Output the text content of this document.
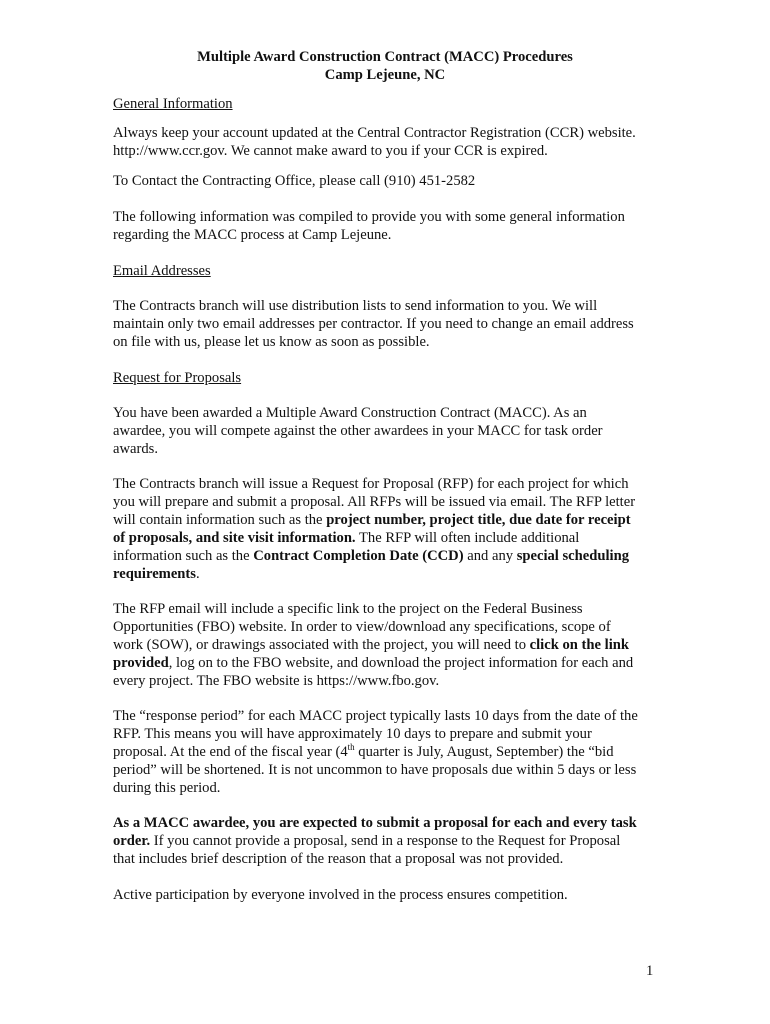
Multiple Award Construction Contract (MACC) Procedures
Camp Lejeune, NC
General Information
Always keep your account updated at the Central Contractor Registration (CCR) website.
http://www.ccr.gov. We cannot make award to you if your CCR is expired.
To Contact the Contracting Office, please call (910) 451-2582
The following information was compiled to provide you with some general information
regarding the MACC process at Camp Lejeune.
Email Addresses
The Contracts branch will use distribution lists to send information to you. We will
maintain only two email addresses per contractor. If you need to change an email address
on file with us, please let us know as soon as possible.
Request for Proposals
You have been awarded a Multiple Award Construction Contract (MACC). As an
awardee, you will compete against the other awardees in your MACC for task order
awards.
The Contracts branch will issue a Request for Proposal (RFP) for each project for which
you will prepare and submit a proposal. All RFPs will be issued via email. The RFP letter
will contain information such as the project number, project title, due date for receipt
of proposals, and site visit information. The RFP will often include additional
information such as the Contract Completion Date (CCD) and any special scheduling
requirements.
The RFP email will include a specific link to the project on the Federal Business
Opportunities (FBO) website. In order to view/download any specifications, scope of
work (SOW), or drawings associated with the project, you will need to click on the link
provided, log on to the FBO website, and download the project information for each and
every project. The FBO website is https://www.fbo.gov.
The “response period” for each MACC project typically lasts 10 days from the date of the
RFP. This means you will have approximately 10 days to prepare and submit your
proposal. At the end of the fiscal year (4th quarter is July, August, September) the “bid
period” will be shortened. It is not uncommon to have proposals due within 5 days or less
during this period.
As a MACC awardee, you are expected to submit a proposal for each and every task
order. If you cannot provide a proposal, send in a response to the Request for Proposal
that includes brief description of the reason that a proposal was not provided.
Active participation by everyone involved in the process ensures competition.
1
